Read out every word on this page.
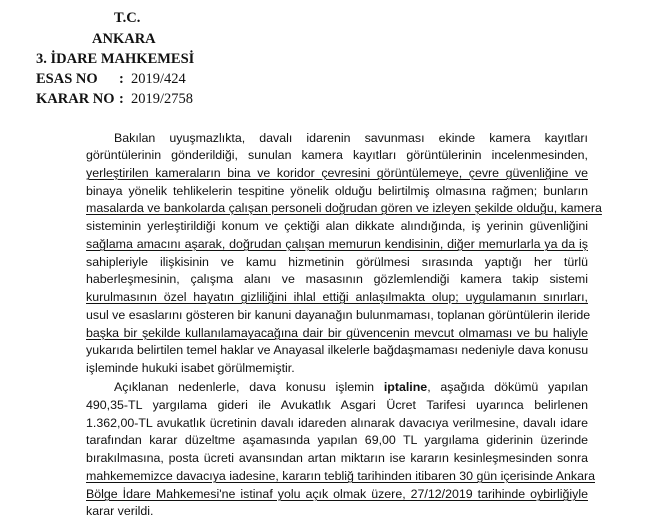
T.C.
ANKARA
3. İDARE MAHKEMESİ
ESAS NO : 2019/424
KARAR NO : 2019/2758
Bakılan uyuşmazlıkta, davalı idarenin savunması ekinde kamera kayıtları
görüntülerinin gönderildiği, sunulan kamera kayıtları görüntülerinin incelenmesinden,
yerleştirilen kameraların bina ve koridor çevresini görüntülemeye, çevre güvenliğine ve
binaya yönelik tehlikelerin tespitine yönelik olduğu belirtilmiş olmasına rağmen; bunların
masalarda ve bankolarda çalışan personeli doğrudan gören ve izleyen şekilde olduğu, kamera
sisteminin yerleştirildiği konum ve çektiği alan dikkate alındığında, iş yerinin güvenliğini
sağlama amacını aşarak, doğrudan çalışan memurun kendisinin, diğer memurlarla ya da iş
sahipleriyle ilişkisinin ve kamu hizmetinin görülmesi sırasında yaptığı her türlü
haberleşmesinin, çalışma alanı ve masasının gözlemlendiği kamera takip sistemi
kurulmasının özel hayatın gizliliğini ihlal ettiği anlaşılmakta olup; uygulamanın sınırları,
usul ve esaslarını gösteren bir kanuni dayanağın bulunmaması, toplanan görüntülerin ileride
başka bir şekilde kullanılamayacağına dair bir güvencenin mevcut olmaması ve bu haliyle
yukarıda belirtilen temel haklar ve Anayasal ilkelerle bağdaşmaması nedeniyle dava konusu
işleminde hukuki isabet görülmemiştir.
Açıklanan nedenlerle, dava konusu işlemin iptaline, aşağıda dökümü yapılan
490,35-TL yargılama gideri ile Avukatlık Asgari Ücret Tarifesi uyarınca belirlenen
1.362,00-TL avukatlık ücretinin davalı idareden alınarak davacıya verilmesine, davalı idare
tarafından karar düzeltme aşamasında yapılan 69,00 TL yargılama giderinin üzerinde
bırakılmasına, posta ücreti avansından artan miktarın ise kararın kesinleşmesinden sonra
mahkememizce davacıya iadesine, kararın tebliğ tarihinden itibaren 30 gün içerisinde Ankara
Bölge İdare Mahkemesi'ne istinaf yolu açık olmak üzere, 27/12/2019 tarihinde oybirliğiyle
karar verildi.
